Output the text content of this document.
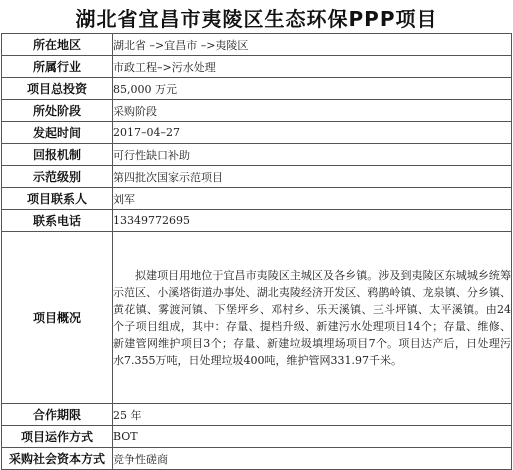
湖北省宜昌市夷陵区生态环保PPP项目
所在地区	湖北省 –>宜昌市 –>夷陵区
所属行业	市政工程–>污水处理
项目总投资	85,000 万元
所处阶段	采购阶段
发起时间	2017–04–27
回报机制	可行性缺口补助
示范级别	第四批次国家示范项目
项目联系人	刘军
联系电话	13349772695
项目概况	拟建项目用地位于宜昌市夷陵区主城区及各乡镇。涉及到夷陵区东城城乡统筹示范区、小溪塔街道办事处、湖北夷陵经济开发区、鸦鹊岭镇、龙泉镇、分乡镇、黄花镇、雾渡河镇、下堡坪乡、邓村乡、乐天溪镇、三斗坪镇、太平溪镇。由24个子项目组成，其中：存量、提档升级、新建污水处理项目14个；存量、维修、新建管网维护项目3个；存量、新建垃圾填埋场项目7个。项目达产后，日处理污水7.355万吨，日处理垃圾400吨，维护管网331.97千米。

合作期限	25 年
项目运作方式	BOT
采购社会资本方式	竞争性磋商
